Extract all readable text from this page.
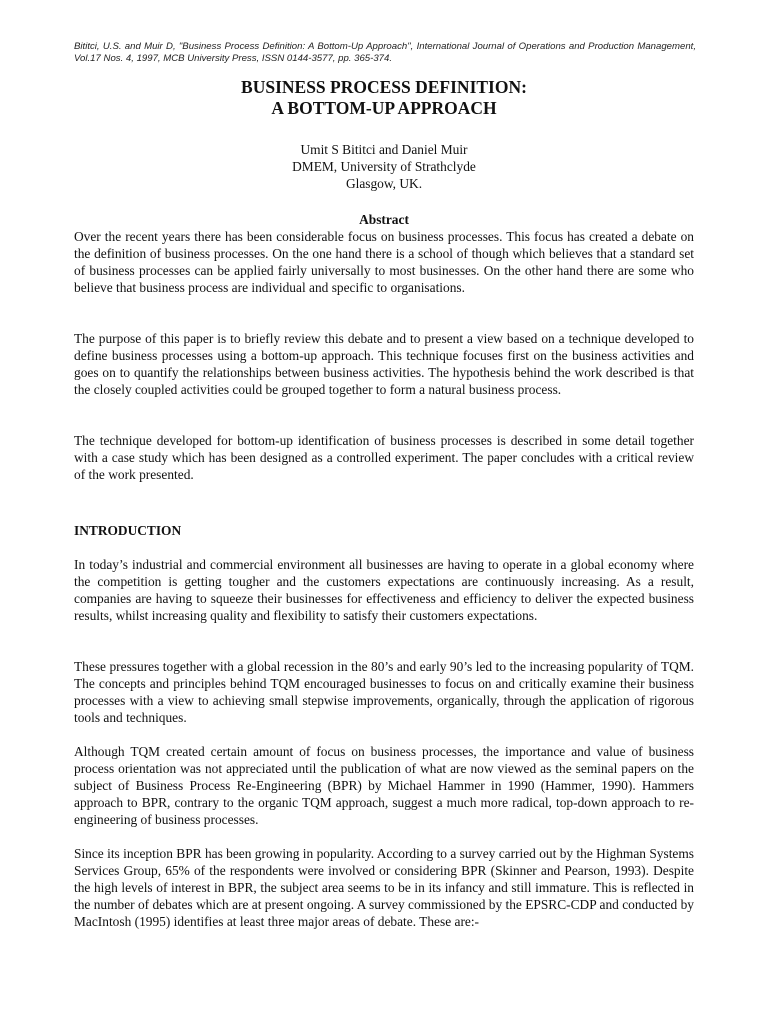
Bititci, U.S. and Muir D, "Business Process Definition: A Bottom-Up Approach", International Journal of Operations and Production Management, Vol.17 Nos. 4, 1997, MCB University Press, ISSN 0144-3577, pp. 365-374.
BUSINESS PROCESS DEFINITION:
A BOTTOM-UP APPROACH
Umit S Bititci and Daniel Muir
DMEM, University of Strathclyde
Glasgow, UK.
Abstract

Over the recent years there has been considerable focus on business processes. This focus has created a debate on the definition of business processes. On the one hand there is a school of though which believes that a standard set of business processes can be applied fairly universally to most businesses. On the other hand there are some who believe that business process are individual and specific to organisations.

The purpose of this paper is to briefly review this debate and to present a view based on a technique developed to define business processes using a bottom-up approach. This technique focuses first on the business activities and goes on to quantify the relationships between business activities. The hypothesis behind the work described is that the closely coupled activities could be grouped together to form a natural business process.

The technique developed for bottom-up identification of business processes is described in some detail together with a case study which has been designed as a controlled experiment. The paper concludes with a critical review of the work presented.

INTRODUCTION

In today’s industrial and commercial environment all businesses are having to operate in a global economy where the competition is getting tougher and the customers expectations are continuously increasing. As a result, companies are having to squeeze their businesses for effectiveness and efficiency to deliver the expected business results, whilst increasing quality and flexibility to satisfy their customers expectations.

These pressures together with a global recession in the 80’s and early 90’s led to the increasing popularity of TQM. The concepts and principles behind TQM encouraged businesses to focus on and critically examine their business processes with a view to achieving small stepwise improvements, organically, through the application of rigorous tools and techniques.

Although TQM created certain amount of focus on business processes, the importance and value of business process orientation was not appreciated until the publication of what are now viewed as the seminal papers on the subject of Business Process Re-Engineering (BPR) by Michael Hammer in 1990 (Hammer, 1990). Hammers approach to BPR, contrary to the organic TQM approach, suggest a much more radical, top-down approach to re-engineering of business processes.

Since its inception BPR has been growing in popularity. According to a survey carried out by the Highman Systems Services Group, 65% of the respondents were involved or considering BPR (Skinner and Pearson, 1993). Despite the high levels of interest in BPR, the subject area seems to be in its infancy and still immature. This is reflected in the number of debates which are at present ongoing. A survey commissioned by the EPSRC-CDP and conducted by MacIntosh (1995) identifies at least three major areas of debate. These are:-
